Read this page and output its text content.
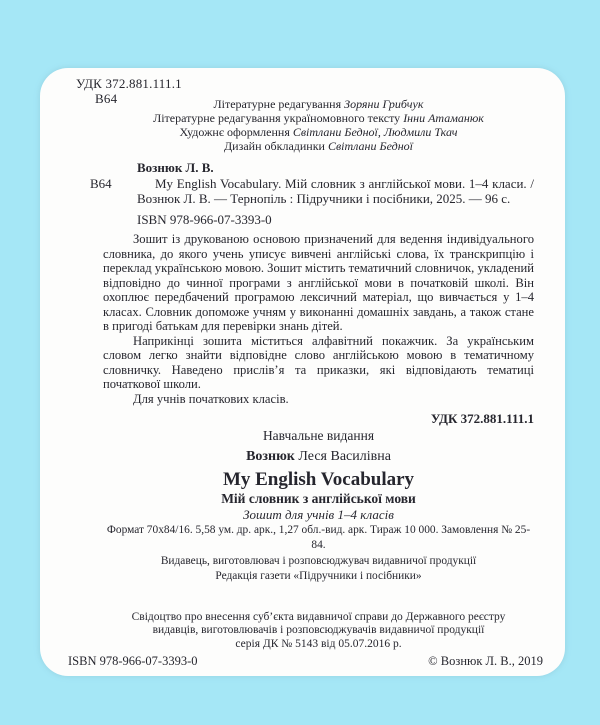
УДК 372.881.111.1
В64	Літературне редагування Зоряни Грибчук
Літературне редагування україномовного тексту Інни Атаманюк
Художнє оформлення Світлани Бедної, Людмили Ткач
Дизайн обкладинки Світлани Бедної
Вознюк Л. В.
В64	My English Vocabulary. Мій словник з англійської мови. 1–4 класи. / Вознюк Л. В. — Тернопіль : Підручники і посібники, 2025. — 96 с.
ISBN 978-966-07-3393-0

Зошит із друкованою основою призначений для ведення індивідуального словника, до якого учень уписує вивчені англійські слова, їх транскрипцію і переклад українською мовою. Зошит містить тематичний словничок, укладений відповідно до чинної програми з англійської мови в початковій школі. Він охоплює передбачений програмою лексичний матеріал, що вивчається у 1–4 класах. Словник допоможе учням у виконанні домашніх завдань, а також стане в пригоді батькам для перевірки знань дітей.

Наприкінці зошита міститься алфавітний покажчик. За українським словом легко знайти відповідне слово англійською мовою в тематичному словничку. Наведено прислів’я та приказки, які відповідають тематиці початкової школи.

Для учнів початкових класів.

УДК 372.881.111.1
Навчальне видання
Вознюк Леся Василівна
My English Vocabulary
Мій словник з англійської мови
Зошит для учнів 1–4 класів
Формат 70х84/16. 5,58 ум. др. арк., 1,27 обл.-вид. арк. Тираж 10 000. Замовлення № 25-84.
Видавець, виготовлювач і розповсюджувач видавничої продукції
Редакція газети «Підручники і посібники»
Свідоцтво про внесення суб’єкта видавничої справи до Державного реєстру
видавців, виготовлювачів і розповсюджувачів видавничої продукції
серія ДК № 5143 від 05.07.2016 р.
ISBN 978-966-07-3393-0	© Вознюк Л. В., 2019
